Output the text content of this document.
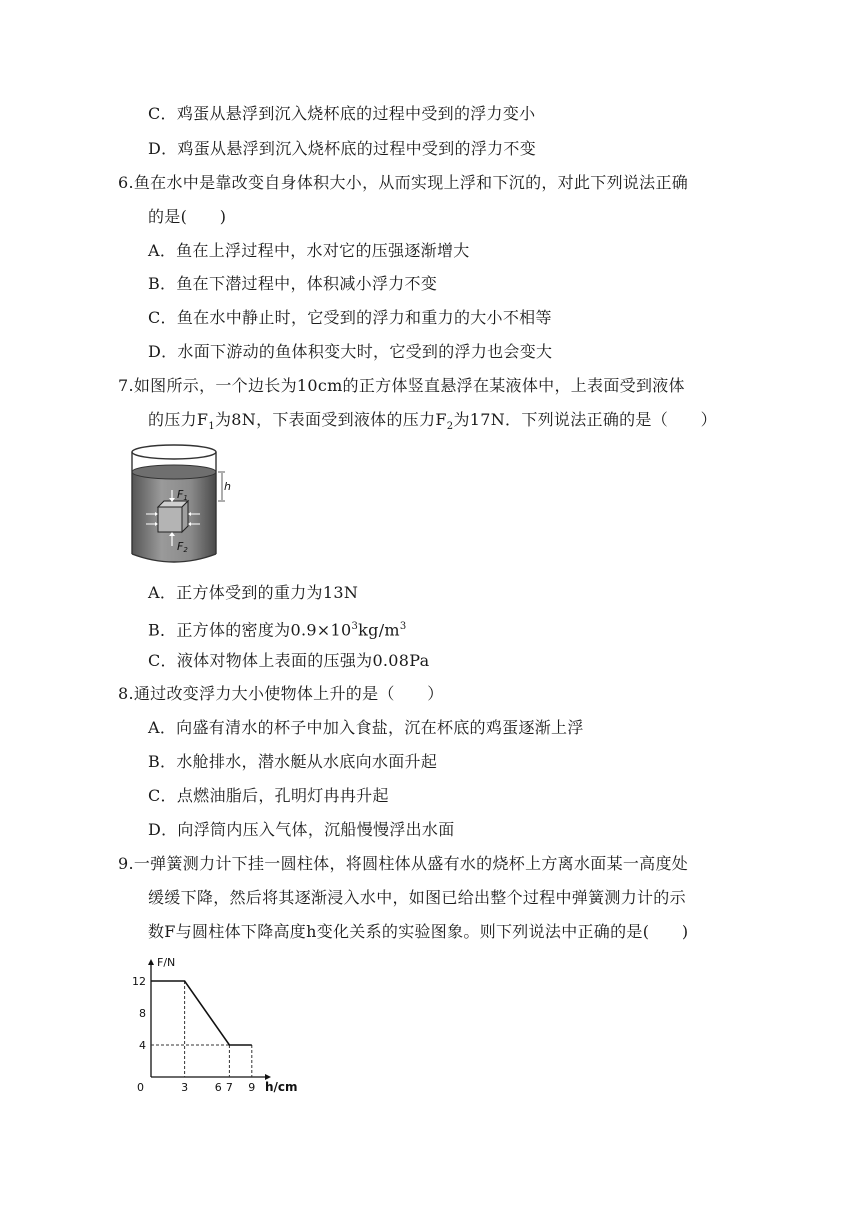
C．鸡蛋从悬浮到沉入烧杯底的过程中受到的浮力变小
D．鸡蛋从悬浮到沉入烧杯底的过程中受到的浮力不变
6.鱼在水中是靠改变自身体积大小，从而实现上浮和下沉的，对此下列说法正确
的是(　　)
A．鱼在上浮过程中，水对它的压强逐渐增大
B．鱼在下潜过程中，体积减小浮力不变
C．鱼在水中静止时，它受到的浮力和重力的大小不相等
D．水面下游动的鱼体积变大时，它受到的浮力也会变大
7.如图所示，一个边长为10cm的正方体竖直悬浮在某液体中，上表面受到液体
的压力$F_1$为8N，下表面受到液体的压力$F_2$为17N．下列说法正确的是（　　）
F1
F2
h
A．正方体受到的重力为13N
B．正方体的密度为$0.9\times 10^3kg/m^3$
C．液体对物体上表面的压强为0.08Pa
8.通过改变浮力大小使物体上升的是（　　）
A．向盛有清水的杯子中加入食盐，沉在杯底的鸡蛋逐渐上浮
B．水舱排水，潜水艇从水底向水面升起
C．点燃油脂后，孔明灯冉冉升起
D．向浮筒内压入气体，沉船慢慢浮出水面
9.一弹簧测力计下挂一圆柱体，将圆柱体从盛有水的烧杯上方离水面某一高度处
缓缓下降，然后将其逐渐浸入水中，如图已给出整个过程中弹簧测力计的示
数F与圆柱体下降高度h变化关系的实验图象。则下列说法中正确的是(　　)
0	3 6 7 9
4
8
12
F/N
h/cm
